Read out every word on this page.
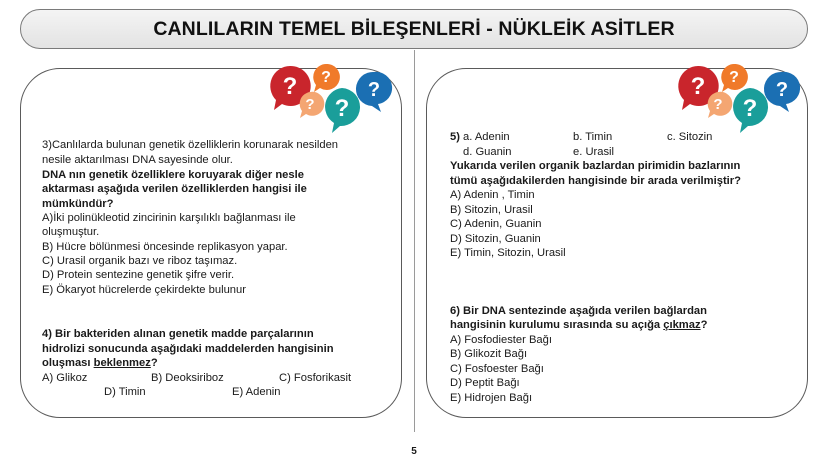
CANLILARIN TEMEL BİLEŞENLERİ - NÜKLEİK ASİTLER
? ?
? ?
?	? ?
? ?
?
3)Canlılarda bulunan genetik özelliklerin korunarak nesilden
nesile aktarılması DNA sayesinde olur.
DNA nın genetik özelliklere koruyarak diğer nesle
aktarması aşağıda verilen özelliklerden hangisi ile
mümkündür?
A)İki polinükleotid zincirinin karşılıklı bağlanması ile
oluşmuştur.
B) Hücre bölünmesi öncesinde replikasyon yapar.
C) Urasil organik bazı ve riboz taşımaz.
D) Protein sentezine genetik şifre verir.
E) Ökaryot hücrelerde çekirdekte bulunur
4) Bir bakteriden alınan genetik madde parçalarının
hidrolizi sonucunda aşağıdaki maddelerden hangisinin
oluşması beklenmez?
A) Glikoz	B) Deoksiriboz	C) Fosforikasit
D) Timin	E) Adenin
5) a. Adenin	b. Timin	c. Sitozin
d. Guanin	e. Urasil
Yukarıda verilen organik bazlardan pirimidin bazlarının
tümü aşağıdakilerden hangisinde bir arada verilmiştir?
A) Adenin , Timin
B) Sitozin, Urasil
C) Adenin, Guanin
D) Sitozin, Guanin
E) Timin, Sitozin, Urasil
6) Bir DNA sentezinde aşağıda verilen bağlardan
hangisinin kurulumu sırasında su açığa çıkmaz?
A) Fosfodiester Bağı
B) Glikozit Bağı
C) Fosfoester Bağı
D) Peptit Bağı
E) Hidrojen Bağı
5
